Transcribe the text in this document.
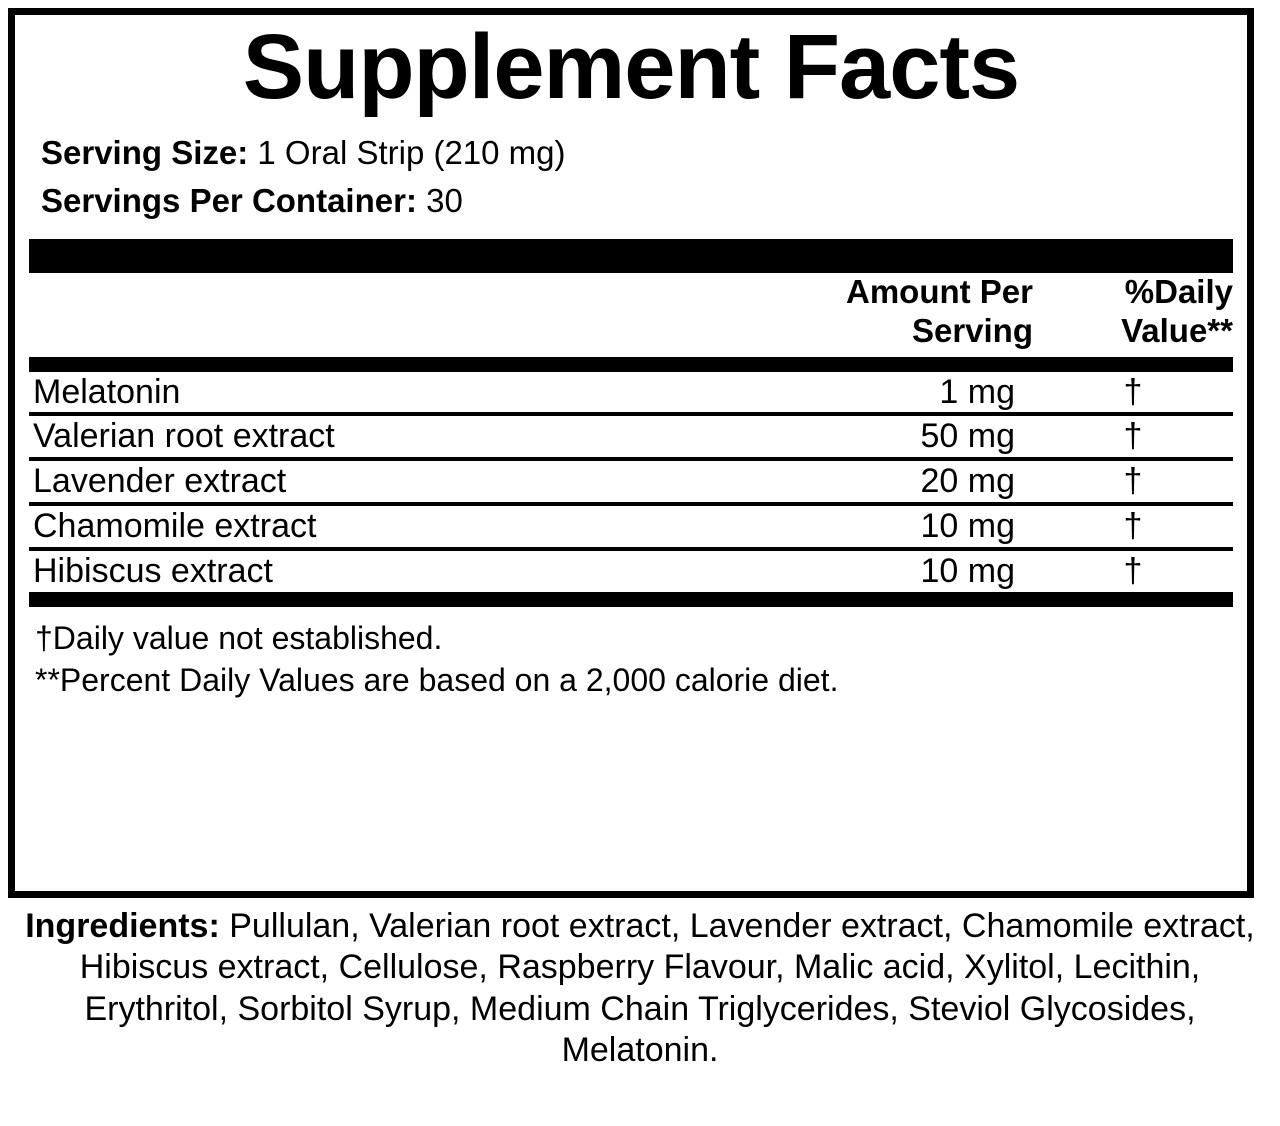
Supplement Facts
Serving Size: 1 Oral Strip (210 mg)
Servings Per Container: 30

Amount Per
Serving

%Daily
Value**
Melatonin	1 mg	†
Valerian root extract	50 mg	†
Lavender extract	20 mg	†
Chamomile extract	10 mg	†
Hibiscus extract	10 mg	†
†Daily value not established.
**Percent Daily Values are based on a 2,000 calorie diet.
Ingredients: Pullulan, Valerian root extract, Lavender extract, Chamomile extract, Hibiscus extract, Cellulose, Raspberry Flavour, Malic acid, Xylitol, Lecithin, Erythritol, Sorbitol Syrup, Medium Chain Triglycerides, Steviol Glycosides, Melatonin.
